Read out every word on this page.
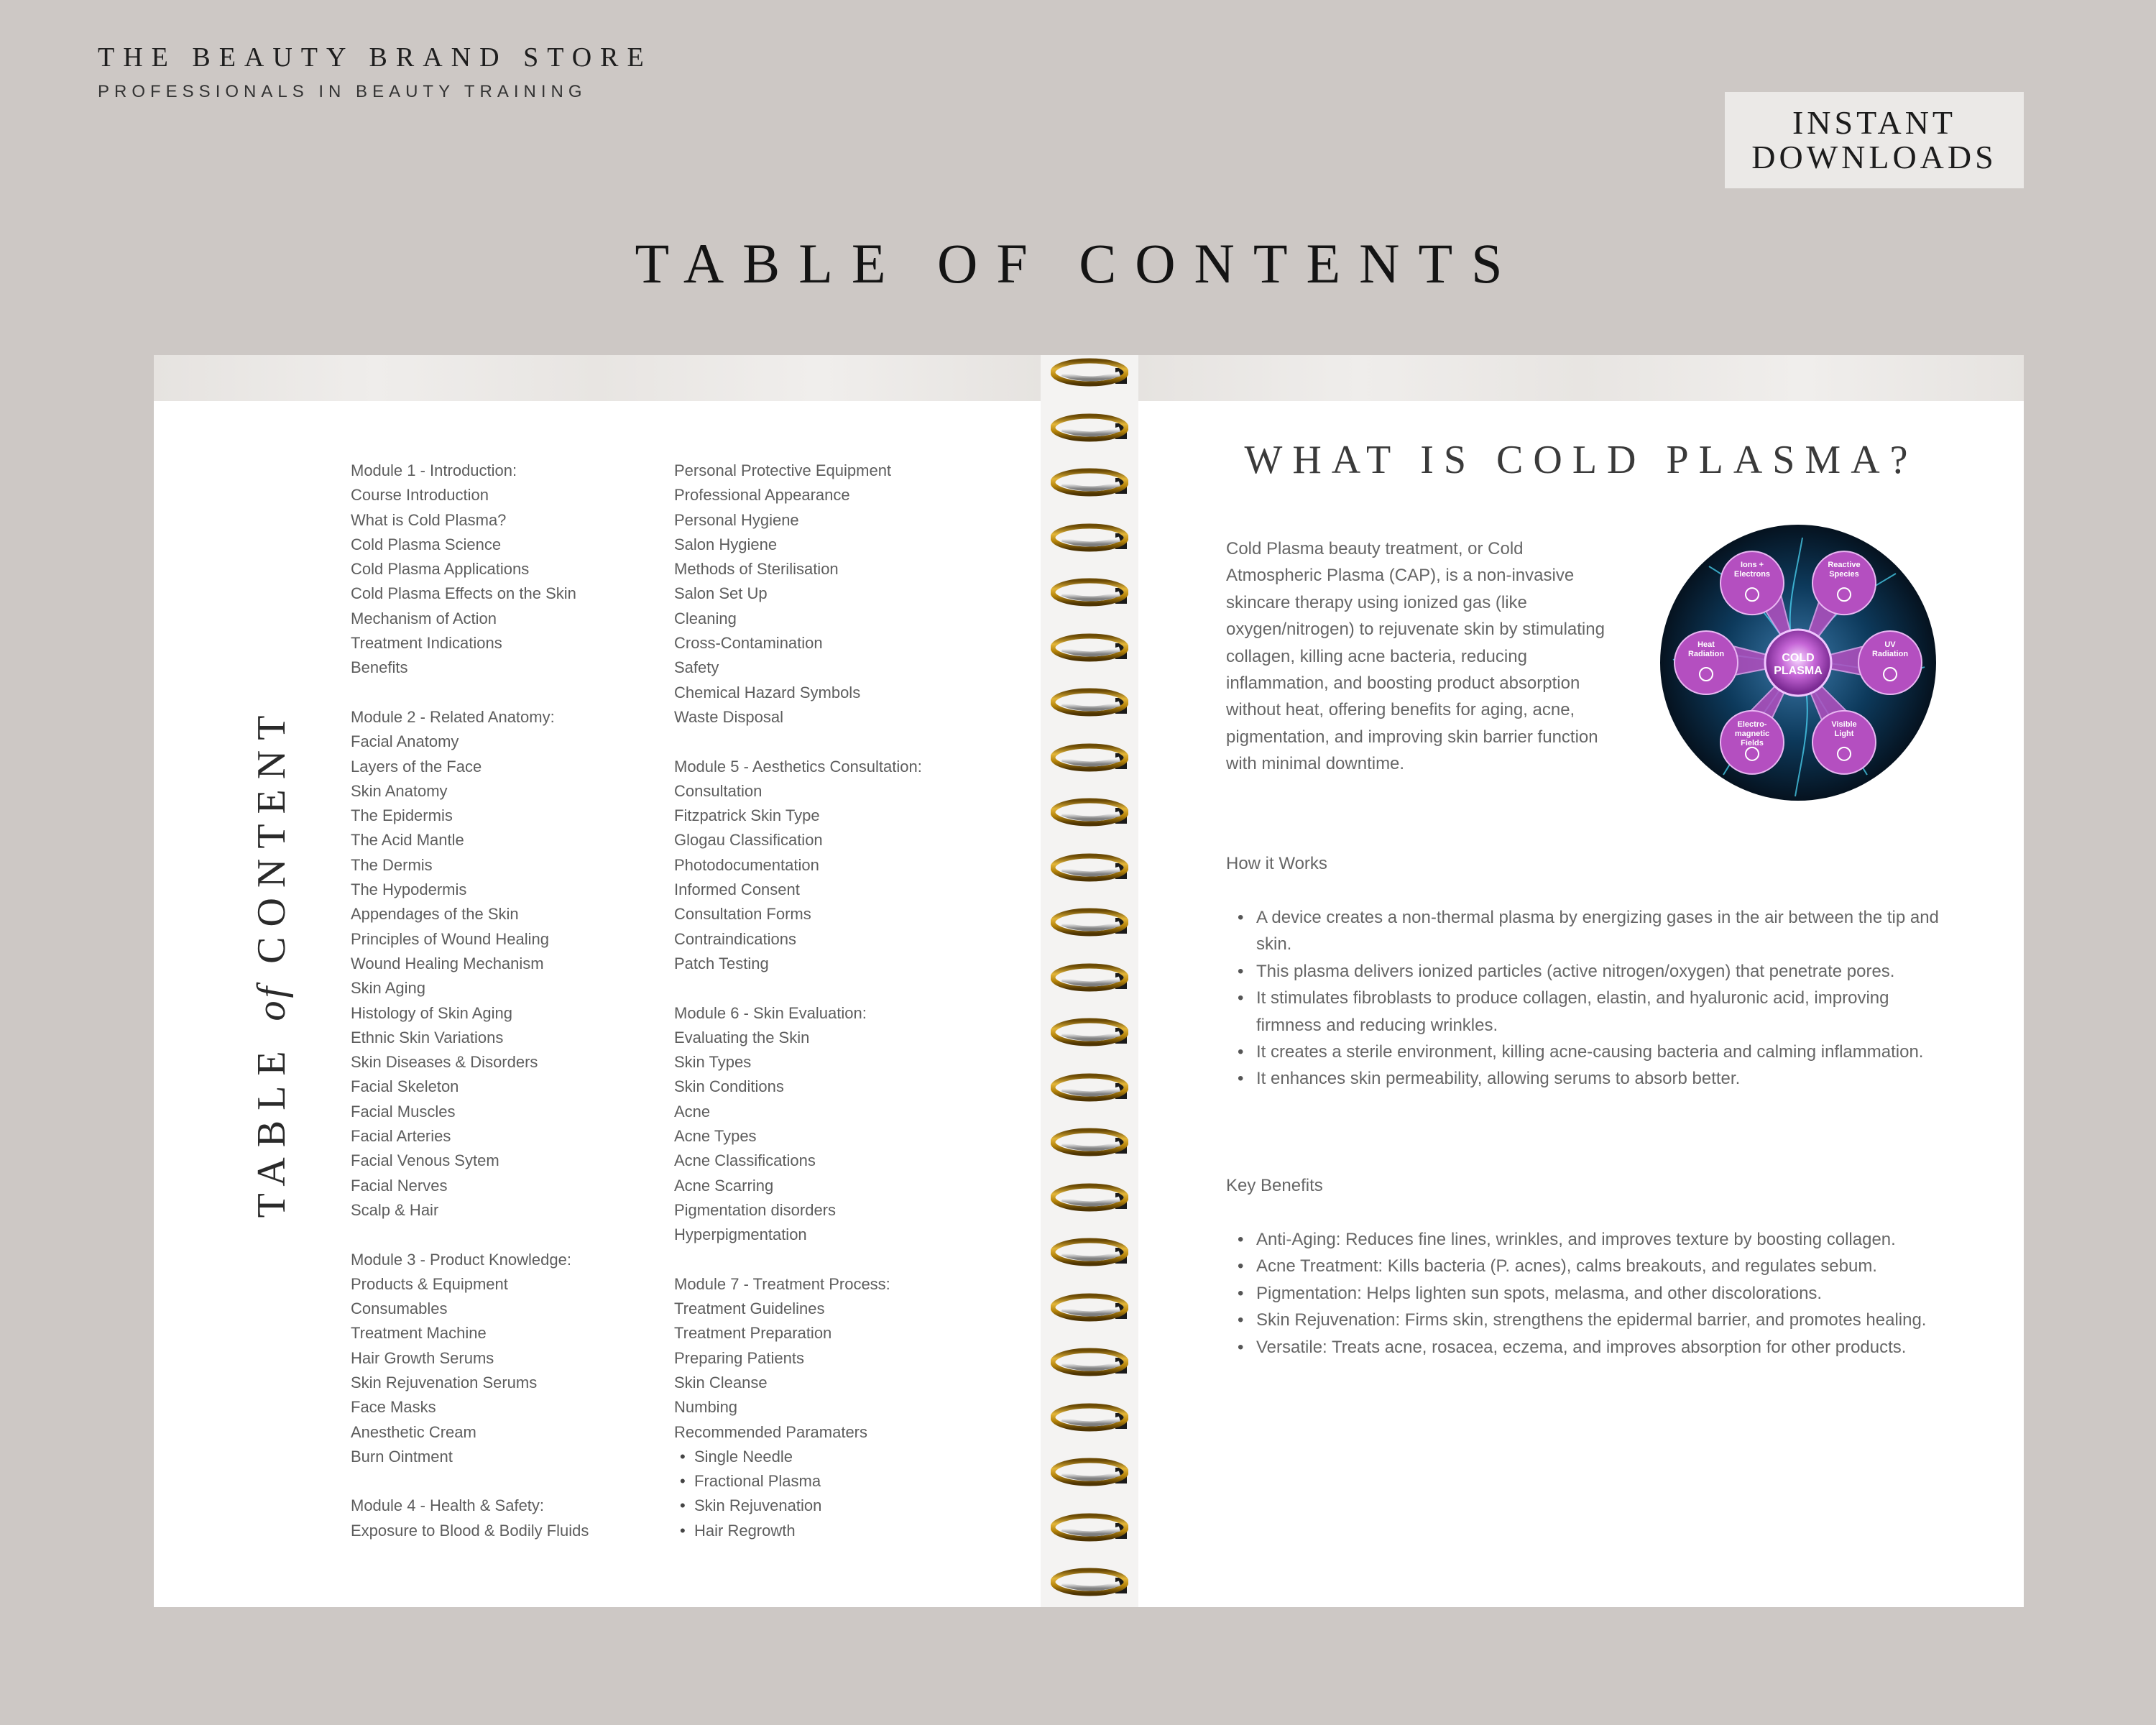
THE BEAUTY BRAND STORE
PROFESSIONALS IN BEAUTY TRAINING
INSTANT
DOWNLOADS
TABLE OF CONTENTS
TABLE of CONTENT
Module 1 - Introduction:
Course Introduction
What is Cold Plasma?
Cold Plasma Science
Cold Plasma Applications
Cold Plasma Effects on the Skin
Mechanism of Action
Treatment Indications
Benefits
Module 2 - Related Anatomy:
Facial Anatomy
Layers of the Face
Skin Anatomy
The Epidermis
The Acid Mantle
The Dermis
The Hypodermis
Appendages of the Skin
Principles of Wound Healing
Wound Healing Mechanism
Skin Aging
Histology of Skin Aging
Ethnic Skin Variations
Skin Diseases & Disorders
Facial Skeleton
Facial Muscles
Facial Arteries
Facial Venous Sytem
Facial Nerves
Scalp & Hair
Module 3 - Product Knowledge:
Products & Equipment
Consumables
Treatment Machine
Hair Growth Serums
Skin Rejuvenation Serums
Face Masks
Anesthetic Cream
Burn Ointment
Module 4 - Health & Safety:
Exposure to Blood & Bodily Fluids
Personal Protective Equipment
Professional Appearance
Personal Hygiene
Salon Hygiene
Methods of Sterilisation
Salon Set Up
Cleaning
Cross-Contamination
Safety
Chemical Hazard Symbols
Waste Disposal
Module 5 - Aesthetics Consultation:
Consultation
Fitzpatrick Skin Type
Glogau Classification
Photodocumentation
Informed Consent
Consultation Forms
Contraindications
Patch Testing
Module 6 - Skin Evaluation:
Evaluating the Skin
Skin Types
Skin Conditions
Acne
Acne Types
Acne Classifications
Acne Scarring
Pigmentation disorders
Hyperpigmentation
Module 7 - Treatment Process:
Treatment Guidelines
Treatment Preparation
Preparing Patients
Skin Cleanse
Numbing
Recommended Paramaters
• Single Needle
• Fractional Plasma
• Skin Rejuvenation
• Hair Regrowth
WHAT IS COLD PLASMA?
Cold Plasma beauty treatment, or Cold Atmospheric Plasma (CAP), is a non-invasive skincare therapy using ionized gas (like oxygen/nitrogen) to rejuvenate skin by stimulating collagen, killing acne bacteria, reducing inflammation, and boosting product absorption without heat, offering benefits for aging, acne, pigmentation, and improving skin barrier function with minimal downtime.
Ions +
Electrons
Reactive
Species
UV
Radiation
Visible
Light
Electro-
magnetic
Fields
Heat
Radiation	COLD
PLASMA
How it Works
• A device creates a non-thermal plasma by energizing gases in the air between the tip and skin.
• This plasma delivers ionized particles (active nitrogen/oxygen) that penetrate pores.
• It stimulates fibroblasts to produce collagen, elastin, and hyaluronic acid, improving firmness and reducing wrinkles.
• It creates a sterile environment, killing acne-causing bacteria and calming inflammation.
• It enhances skin permeability, allowing serums to absorb better.
Key Benefits
• Anti-Aging: Reduces fine lines, wrinkles, and improves texture by boosting collagen.
• Acne Treatment: Kills bacteria (P. acnes), calms breakouts, and regulates sebum.
• Pigmentation: Helps lighten sun spots, melasma, and other discolorations.
• Skin Rejuvenation: Firms skin, strengthens the epidermal barrier, and promotes healing.
• Versatile: Treats acne, rosacea, eczema, and improves absorption for other products.
